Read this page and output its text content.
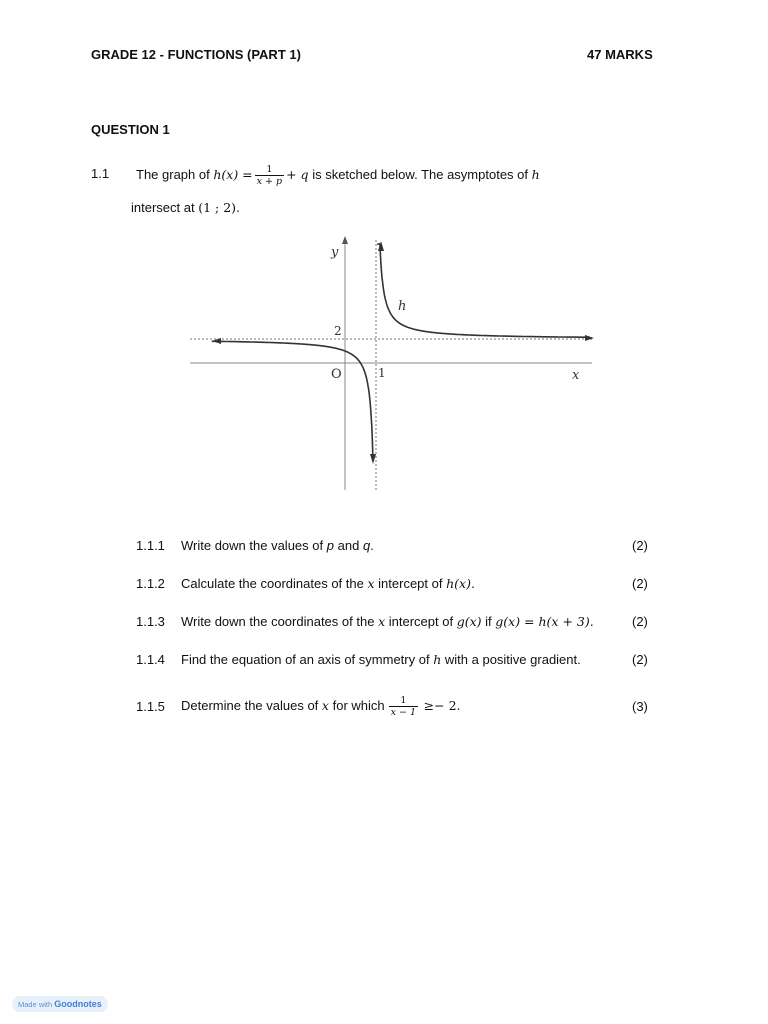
GRADE 12 - FUNCTIONS (PART 1)	47 MARKS
QUESTION 1
1.1 The graph of
$h(x) = \frac{1}{x + p} + q$
is sketched below. The asymptotes of
h
intersect at (1 ; 2).
y
x
h
O
2
1
1.1.1 Write down the values of p and q.	(2)
1.1.2 Calculate the coordinates of the x intercept of h(x).	(2)
1.1.3 Write down the coordinates of the x intercept of g(x) if g(x) = h(x + 3).	(2)
1.1.4 Find the equation of an axis of symmetry of h with a positive gradient.	(2)
1.1.5 Determine the values of
x
for which $\frac{1}{x - 1}$
≥− 2.	(3)
Made with Goodnotes
